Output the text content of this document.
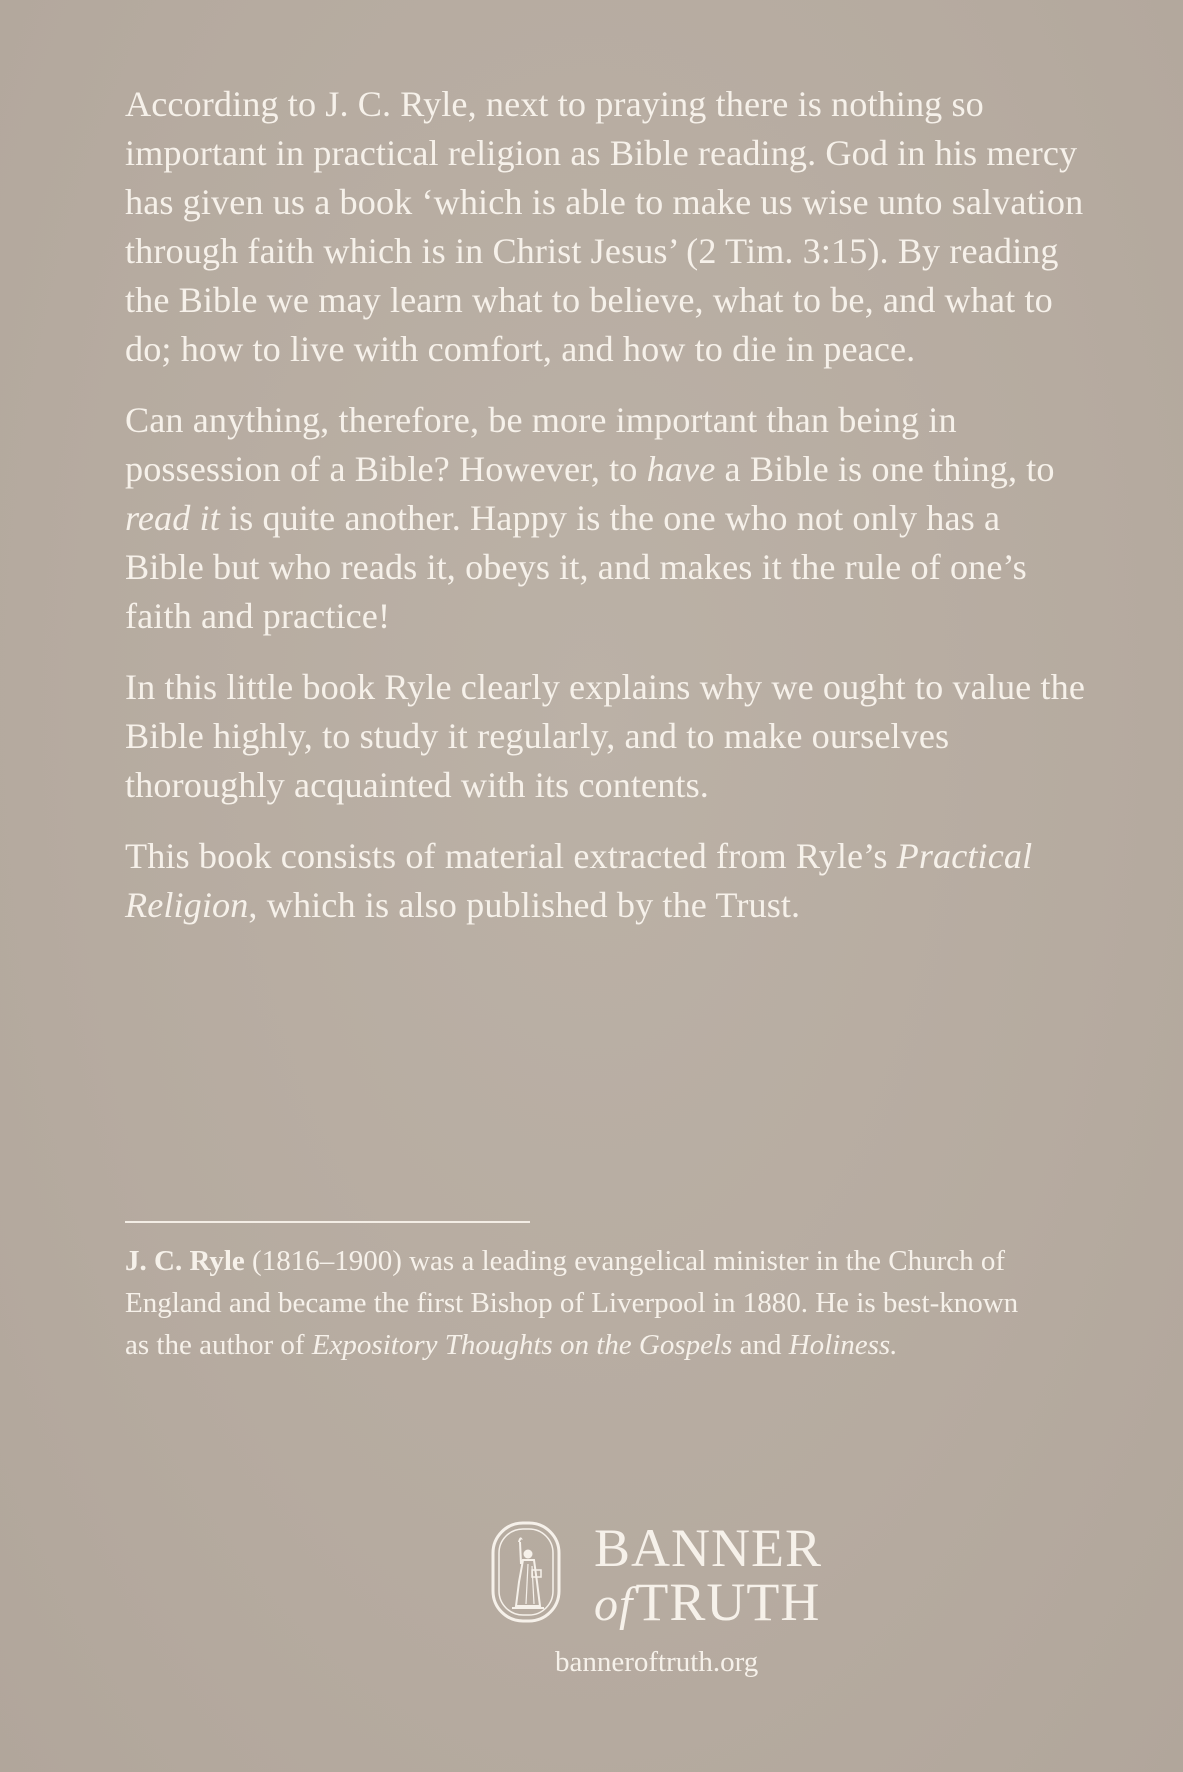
According to J. C. Ryle, next to praying there is nothing so important in practical religion as Bible reading. God in his mercy has given us a book ‘which is able to make us wise unto salvation through faith which is in Christ Jesus’ (2 Tim. 3:15). By reading the Bible we may learn what to believe, what to be, and what to do; how to live with comfort, and how to die in peace.

Can anything, therefore, be more important than being in possession of a Bible? However, to have a Bible is one thing, to read it is quite another. Happy is the one who not only has a Bible but who reads it, obeys it, and makes it the rule of one’s faith and practice!

In this little book Ryle clearly explains why we ought to value the Bible highly, to study it regularly, and to make ourselves thoroughly acquainted with its contents.

This book consists of material extracted from Ryle’s Practical Religion, which is also published by the Trust.

J. C. Ryle (1816–1900) was a leading evangelical minister in the Church of England and became the first Bishop of Liverpool in 1880. He is best-known as the author of Expository Thoughts on the Gospels and Holiness.

BANNER
ofTRUTH
banneroftruth.org
